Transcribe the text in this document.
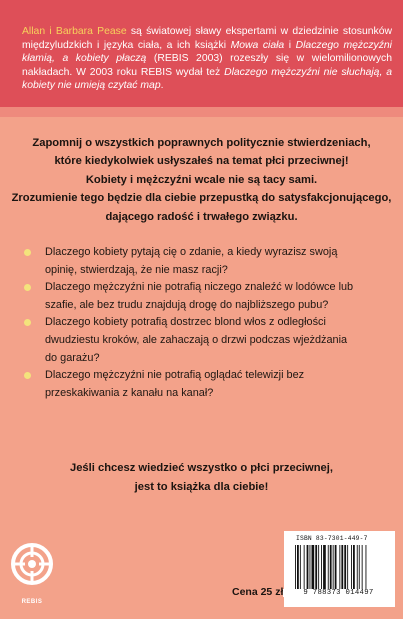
Allan i Barbara Pease są światowej sławy ekspertami w dziedzinie stosunków międzyludzkich i języka ciała, a ich książki Mowa ciała i Dlaczego mężczyźni kłamią, a kobiety płaczą (REBIS 2003) rozeszły się w wielomilionowych nakładach. W 2003 roku REBIS wydał też Dlaczego mężczyźni nie słuchają, a kobiety nie umieją czytać map.
Zapomnij o wszystkich poprawnych politycznie stwierdzeniach,
które kiedykolwiek usłyszałeś na temat płci przeciwnej!
Kobiety i mężczyźni wcale nie są tacy sami.
Zrozumienie tego będzie dla ciebie przepustką do satysfakcjonującego,
dającego radość i trwałego związku.
Dlaczego kobiety pytają cię o zdanie, a kiedy wyrazisz swoją
opinię, stwierdzają, że nie masz racji?
Dlaczego mężczyźni nie potrafią niczego znaleźć w lodówce lub
szafie, ale bez trudu znajdują drogę do najbliższego pubu?
Dlaczego kobiety potrafią dostrzec blond włos z odległości
dwudziestu kroków, ale zahaczają o drzwi podczas wjeżdżania
do garażu?
Dlaczego mężczyźni nie potrafią oglądać telewizji bez
przeskakiwania z kanału na kanał?
Jeśli chcesz wiedzieć wszystko o płci przeciwnej,
jest to książka dla ciebie!
REBIS
Cena 25 zł
ISBN 83-7301-449-7
9 788373 014497
